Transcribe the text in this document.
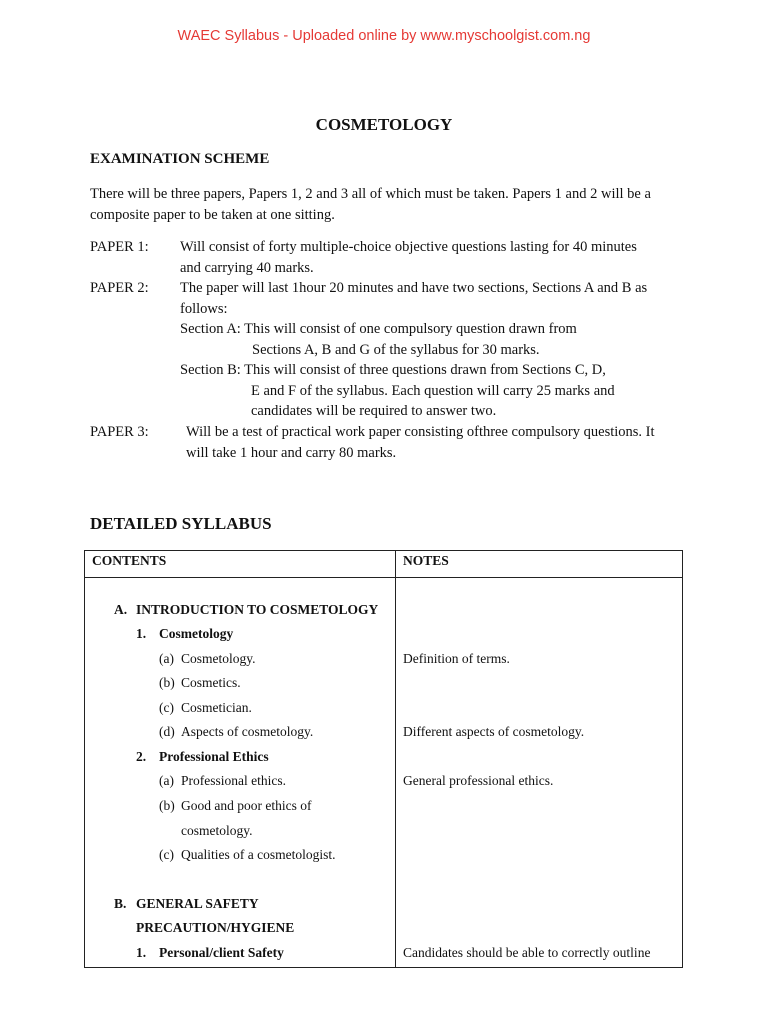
WAEC Syllabus - Uploaded online by www.myschoolgist.com.ng
COSMETOLOGY
EXAMINATION SCHEME
There will be three papers, Papers 1, 2 and 3 all of which must be taken. Papers 1 and 2 will be a
composite paper to be taken at one sitting.
PAPER 1: Will consist of forty multiple-choice objective questions lasting for 40 minutes
and carrying 40 marks.
PAPER 2: The paper will last 1hour 20 minutes and have two sections, Sections A and B as
follows:
Section A: This will consist of one compulsory question drawn from
Sections A, B and G of the syllabus for 30 marks.
Section B: This will consist of three questions drawn from Sections C, D,
E and F of the syllabus. Each question will carry 25 marks and
candidates will be required to answer two.
PAPER 3:	Will be a test of practical work paper consisting ofthree compulsory questions. It
will take 1 hour and carry 80 marks.
DETAILED SYLLABUS
CONTENTS	NOTES
A. INTRODUCTION TO COSMETOLOGY
1. Cosmetology
(a) Cosmetology.	Definition of terms.
(b) Cosmetics.
(c) Cosmetician.
(d) Aspects of cosmetology.	Different aspects of cosmetology.
2. Professional Ethics
(a) Professional ethics.	General professional ethics.
(b) Good and poor ethics of
cosmetology.
(c) Qualities of a cosmetologist.
B. GENERAL SAFETY
PRECAUTION/HYGIENE
1. Personal/client Safety	Candidates should be able to correctly outline
